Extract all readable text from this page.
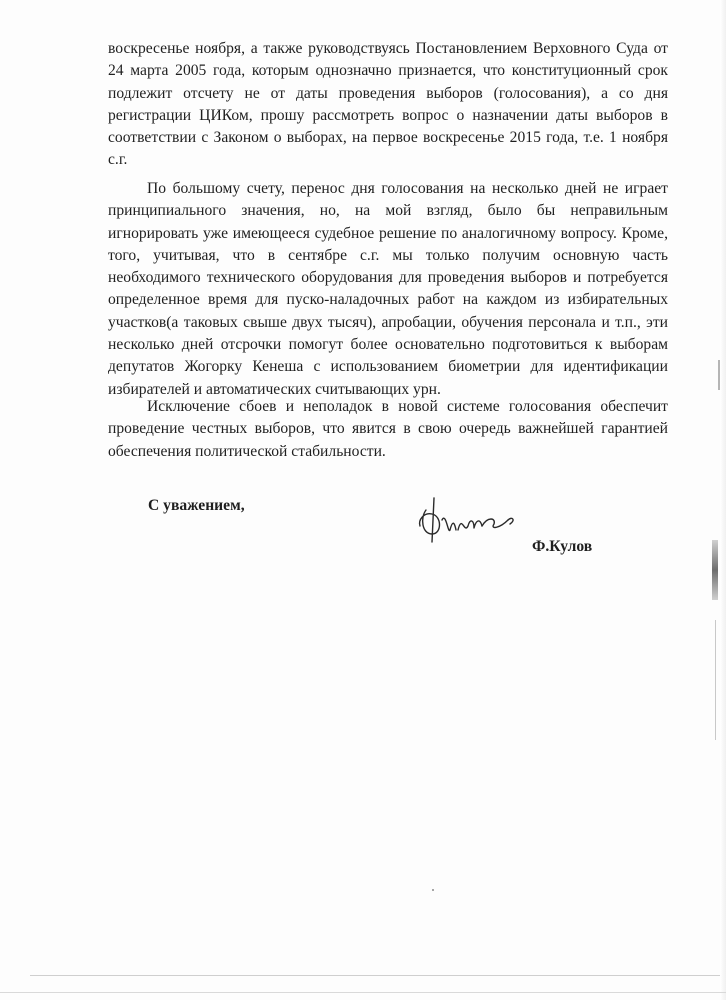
воскресенье ноября, а также руководствуясь Постановлением Верховного Суда от
24 марта 2005 года, которым однозначно признается, что конституционный срок
подлежит отсчету не от даты проведения выборов (голосования), а со дня
регистрации ЦИКом, прошу рассмотреть вопрос о назначении даты выборов в
соответствии с Законом о выборах, на первое воскресенье 2015 года, т.е. 1 ноября
с.г.
По большому счету, перенос дня голосования на несколько дней не играет
принципиального значения, но, на мой взгляд, было бы неправильным
игнорировать уже имеющееся судебное решение по аналогичному вопросу. Кроме,
того, учитывая, что в сентябре с.г. мы только получим основную часть
необходимого технического оборудования для проведения выборов и потребуется
определенное время для пуско-наладочных работ на каждом из избирательных
участков(а таковых свыше двух тысяч), апробации, обучения персонала и т.п., эти
несколько дней отсрочки помогут более основательно подготовиться к выборам
депутатов Жогорку Кенеша с использованием биометрии для идентификации
избирателей и автоматических считывающих урн.
Исключение сбоев и неполадок в новой системе голосования обеспечит
проведение честных выборов, что явится в свою очередь важнейшей гарантией
обеспечения политической стабильности.
С уважением,
Ф.Кулов
